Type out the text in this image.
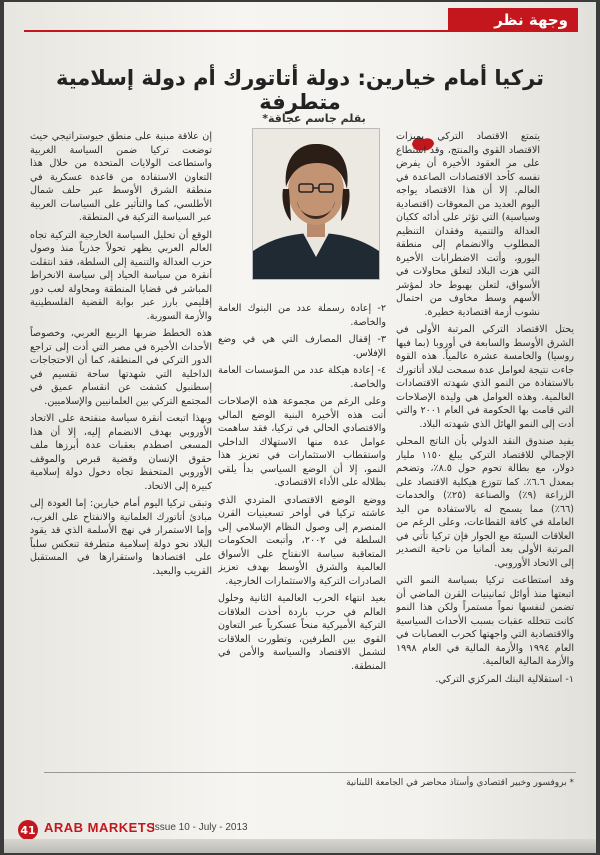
وجهة نظر
تركيا أمام خيارين: دولة أتاتورك أم دولة إسلامية متطرفة
بقلم جاسم عجاقة*

يتمتع الاقتصاد التركي بميزات الاقتصاد القوي والمنتج، وقد استطاع على مر العقود الأخيرة أن يفرض نفسه كأحد الاقتصادات الصاعدة في العالم. إلا أن هذا الاقتصاد يواجه اليوم العديد من المعوقات (اقتصادية وسياسية) التي تؤثر على أدائه ككيان العدالة والتنمية وفقدان التنظيم المطلوب والانضمام إلى منطقة اليورو، وأتت الاضطرابات الأخيرة التي هزت البلاد لتغلق محاولات في الأسواق، لتعلن بهبوط حاد لمؤشر الأسهم وسط مخاوف من احتمال نشوب أزمة اقتصادية خطيرة.

يحتل الاقتصاد التركي المرتبة الأولى في الشرق الأوسط والسابعة في أوروبا (بما فيها روسيا) والخامسة عشرة عالمياً. هذه القوة جاءت نتيجة لعوامل عدة سمحت لبلاد أتاتورك بالاستفادة من النمو الذي شهدته الاقتصادات العالمية. وهذه العوامل هي وليدة الإصلاحات التي قامت بها الحكومة في العام ٢٠٠١ والتي أدت إلى النمو الهائل الذي شهدته البلاد.

يفيد صندوق النقد الدولي بأن الناتج المحلي الإجمالي للاقتصاد التركي يبلغ ١١٥٠ مليار دولار، مع بطالة تحوم حول ٨.٥٪، وتضخم بمعدل ٦.٦٪. كما تتوزع هيكلية الاقتصاد على الزراعة (٩٪) والصناعة (٢٥٪) والخدمات (٦٦٪) مما يسمح له بالاستفادة من اليد العاملة في كافة القطاعات، وعلى الرغم من العلاقات السيئة مع الجوار فإن تركيا تأتي في المرتبة الأولى بعد ألمانيا من ناحية التصدير إلى الاتحاد الأوروبي.

وقد استطاعت تركيا بسياسة النمو التي اتبعتها منذ أوائل ثمانينيات القرن الماضي أن تضمن لنفسها نمواً مستمراً ولكن هذا النمو كانت تتخلله عقبات بسبب الأحداث السياسية والاقتصادية التي واجهتها كحرب العصابات في العام ١٩٩٤ والأزمة المالية في العام ١٩٩٨ والأزمة المالية العالمية.

١- استقلالية البنك المركزي التركي.

٢- إعادة رسملة عدد من البنوك العامة والخاصة.

٣- إقفال المصارف التي هي في وضع الإفلاس.

٤- إعادة هيكلة عدد من المؤسسات العامة والخاصة.

وعلى الرغم من مجموعة هذه الإصلاحات أتت هذه الأخيرة البنية الوضع المالي والاقتصادي الحالي في تركيا، فقد ساهمت عوامل عدة منها الاستهلاك الداخلي واستقطاب الاستثمارات في تعزيز هذا النمو، إلا أن الوضع السياسي بدأ يلقي بظلاله على الأداء الاقتصادي.

ووضع الوضع الاقتصادي المتردي الذي عاشته تركيا في أواخر تسعينيات القرن المنصرم إلى وصول النظام الإسلامي إلى السلطة في ٢٠٠٢، وأتبعت الحكومات المتعاقبة سياسة الانفتاح على الأسواق العالمية والشرق الأوسط بهدف تعزيز الصادرات التركية والاستثمارات الخارجية.

بعيد انتهاء الحرب العالمية الثانية وحلول العالم في حرب باردة أخذت العلاقات التركية الأميركية منحاً عسكرياً عبر التعاون القوي بين الطرفين، وتطورت العلاقات لتشمل الاقتصاد والسياسة والأمن في المنطقة.

إن علاقة مبنية على منطق جيوستراتيجي حيث توضعت تركيا ضمن السياسة الغربية واستطاعت الولايات المتحدة من خلال هذا التعاون الاستفادة من قاعدة عسكرية في منطقة الشرق الأوسط عبر حلف شمال الأطلسي، كما والتأثير على السياسات العربية عبر السياسة التركية في المنطقة.

الوقع أن تحليل السياسة الخارجية التركية تجاه العالم العربي يظهر تحولاً جذرياً منذ وصول حزب العدالة والتنمية إلى السلطة، فقد انتقلت أنقرة من سياسة الحياد إلى سياسة الانخراط المباشر في قضايا المنطقة ومحاولة لعب دور إقليمي بارز عبر بوابة القضية الفلسطينية والأزمة السورية.

هذه الخطط ضربها الربيع العربي، وخصوصاً الأحداث الأخيرة في مصر التي أدت إلى تراجع الدور التركي في المنطقة، كما أن الاحتجاجات الداخلية التي شهدتها ساحة تقسيم في إسطنبول كشفت عن انقسام عميق في المجتمع التركي بين العلمانيين والإسلاميين.

وبهذا اتبعت أنقرة سياسة منفتحة على الاتحاد الأوروبي بهدف الانضمام إليه، إلا أن هذا المسعى اصطدم بعقبات عدة أبرزها ملف حقوق الإنسان وقضية قبرص والموقف الأوروبي المتحفظ تجاه دخول دولة إسلامية كبيرة إلى الاتحاد.

وتبقى تركيا اليوم أمام خيارين: إما العودة إلى مبادئ أتاتورك العلمانية والانفتاح على الغرب، وإما الاستمرار في نهج الأسلمة الذي قد يقود البلاد نحو دولة إسلامية متطرفة تنعكس سلباً على اقتصادها واستقرارها في المستقبل القريب والبعيد.

* بروفسور وخبير اقتصادي وأستاذ محاضر في الجامعة اللبنانية
41 ARAB MARKETS
Issue 10 - July - 2013
